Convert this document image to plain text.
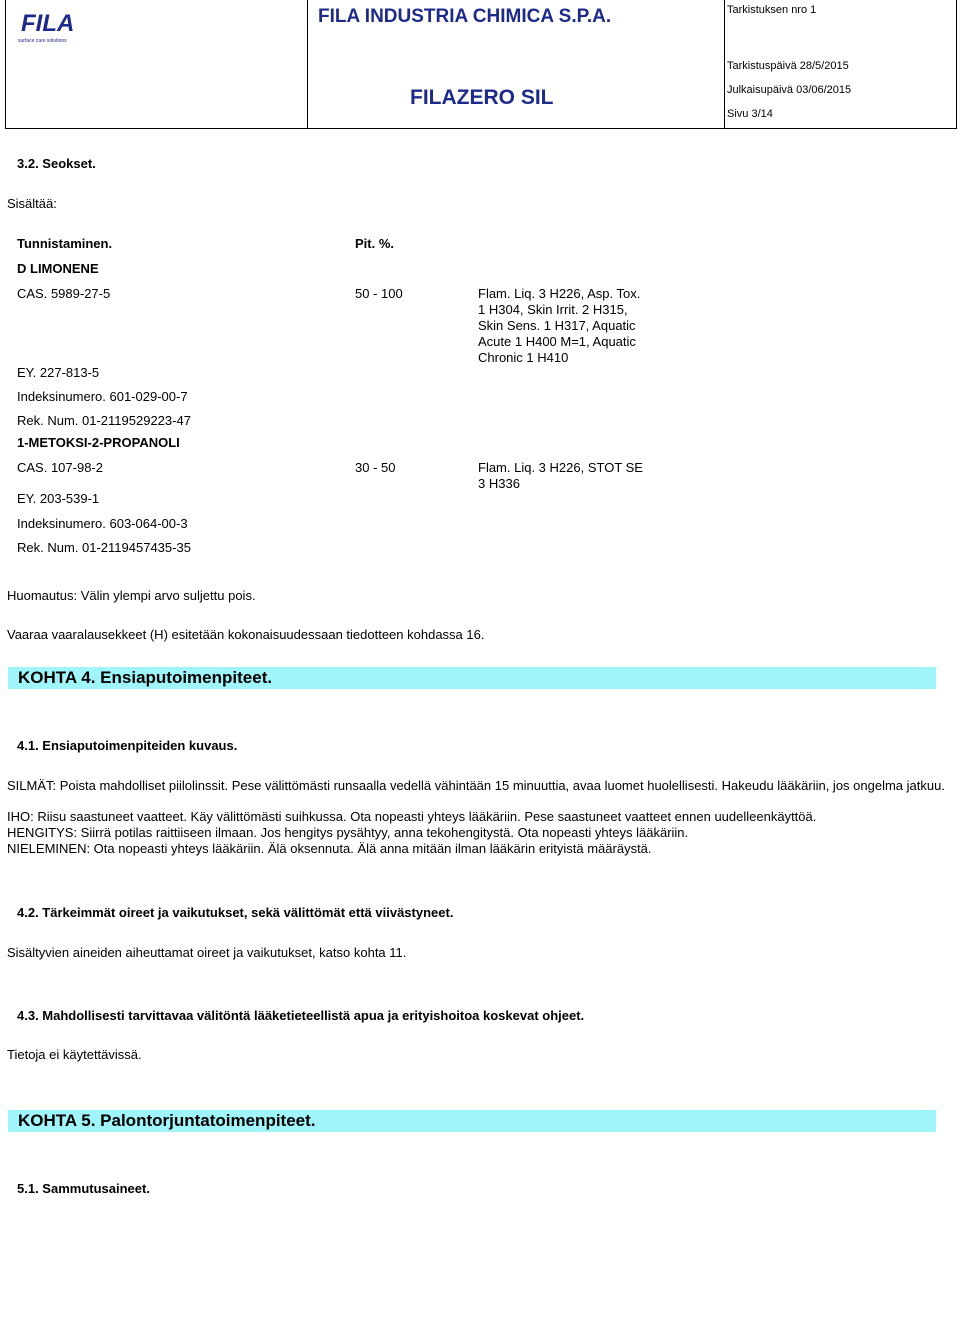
FILA
surface care solutions
FILA INDUSTRIA CHIMICA S.P.A.
FILAZERO SIL
Tarkistuksen nro 1
Tarkistuspäivä 28/5/2015
Julkaisupäivä 03/06/2015
Sivu 3/14
3.2. Seokset.
Sisältää:
Tunnistaminen.	Pit. %.
D LIMONENE
CAS. 5989-27-5	50 - 100	Flam. Liq. 3 H226, Asp. Tox.
1 H304, Skin Irrit. 2 H315,
Skin Sens. 1 H317, Aquatic
Acute 1 H400 M=1, Aquatic
Chronic 1 H410
EY. 227-813-5
Indeksinumero. 601-029-00-7
Rek. Num. 01-2119529223-47
1-METOKSI-2-PROPANOLI
CAS. 107-98-2	30 - 50	Flam. Liq. 3 H226, STOT SE
3 H336
EY. 203-539-1
Indeksinumero. 603-064-00-3
Rek. Num. 01-2119457435-35
Huomautus: Välin ylempi arvo suljettu pois.
Vaaraa vaaralausekkeet (H) esitetään kokonaisuudessaan tiedotteen kohdassa 16.
KOHTA 4. Ensiaputoimenpiteet.
4.1. Ensiaputoimenpiteiden kuvaus.
SILMÄT: Poista mahdolliset piilolinssit. Pese välittömästi runsaalla vedellä vähintään 15 minuuttia, avaa luomet huolellisesti. Hakeudu lääkäriin, jos ongelma jatkuu.
IHO: Riisu saastuneet vaatteet. Käy välittömästi suihkussa. Ota nopeasti yhteys lääkäriin. Pese saastuneet vaatteet ennen uudelleenkäyttöä.
HENGITYS: Siirrä potilas raittiiseen ilmaan. Jos hengitys pysähtyy, anna tekohengitystä. Ota nopeasti yhteys lääkäriin.
NIELEMINEN: Ota nopeasti yhteys lääkäriin. Älä oksennuta. Älä anna mitään ilman lääkärin erityistä määräystä.
4.2. Tärkeimmät oireet ja vaikutukset, sekä välittömät että viivästyneet.
Sisältyvien aineiden aiheuttamat oireet ja vaikutukset, katso kohta 11.
4.3. Mahdollisesti tarvittavaa välitöntä lääketieteellistä apua ja erityishoitoa koskevat ohjeet.
Tietoja ei käytettävissä.
KOHTA 5. Palontorjuntatoimenpiteet.
5.1. Sammutusaineet.
